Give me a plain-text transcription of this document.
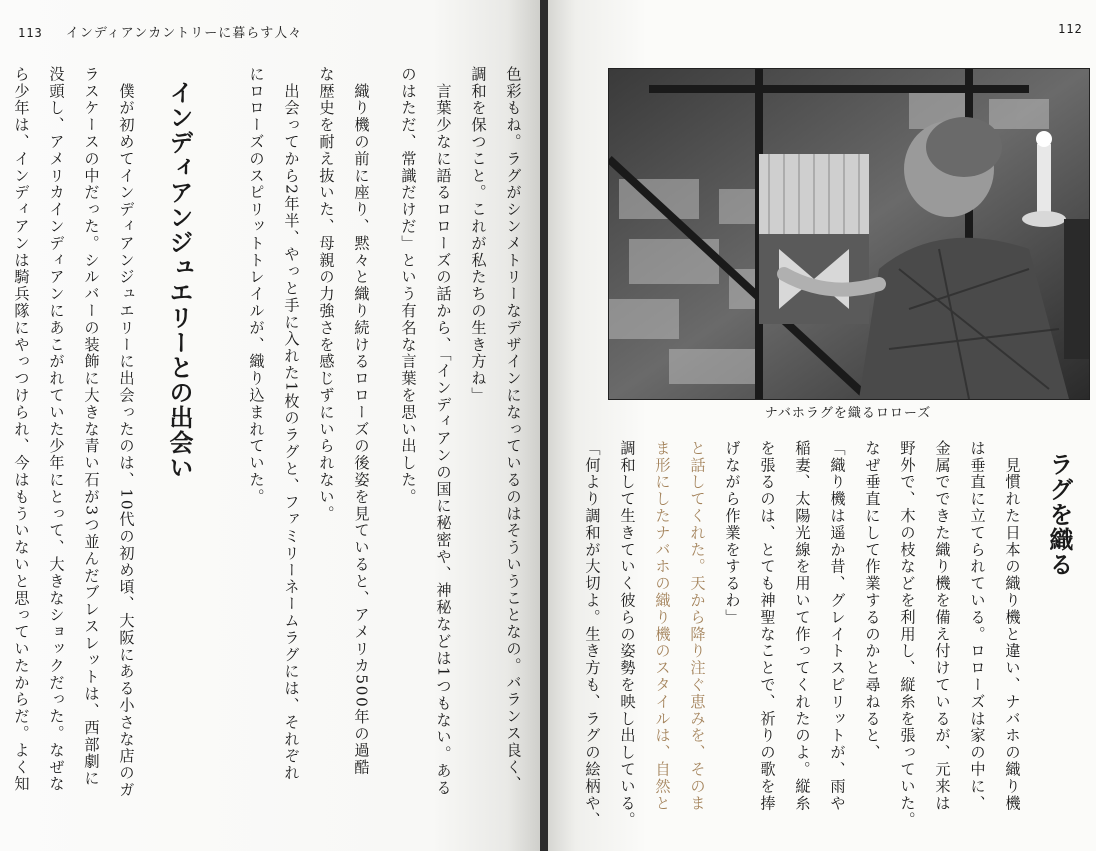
113 インディアンカントリーに暮らす人々
色彩もね。ラグがシンメトリーなデザインになっているのはそういうことなの。バランス良く、
調和を保つこと。これが私たちの生き方ね」
　言葉少なに語るロローズの話から、「インディアンの国に秘密や、神秘などは1つもない。ある
のはただ、常識だけだ」という有名な言葉を思い出した。
　織り機の前に座り、黙々と織り続けるロローズの後姿を見ていると、アメリカ500年の過酷
な歴史を耐え抜いた、母親の力強さを感じずにいられない。
　出会ってから2年半、やっと手に入れた1枚のラグと、ファミリーネームラグには、それぞれ
にロローズのスピリットトレイルが、織り込まれていた。
インディアンジュエリーとの出会い
　僕が初めてインディアンジュエリーに出会ったのは、10代の初め頃、大阪にある小さな店のガ
ラスケースの中だった。シルバーの装飾に大きな青い石が3つ並んだブレスレットは、西部劇に
没頭し、アメリカインディアンにあこがれていた少年にとって、大きなショックだった。なぜな
ら少年は、インディアンは騎兵隊にやっつけられ、今はもういないと思っていたからだ。よく知
112
ナバホラグを織るロローズ
ラグを織る
　見慣れた日本の織り機と違い、ナバホの織り機
は垂直に立てられている。ロローズは家の中に、
金属でできた織り機を備え付けているが、元来は
野外で、木の枝などを利用し、縦糸を張っていた。
なぜ垂直にして作業するのかと尋ねると、
「織り機は遥か昔、グレイトスピリットが、雨や
稲妻、太陽光線を用いて作ってくれたのよ。縦糸
を張るのは、とても神聖なことで、祈りの歌を捧
げながら作業をするわ」
と話してくれた。天から降り注ぐ恵みを、そのま
ま形にしたナバホの織り機のスタイルは、自然と
調和して生きていく彼らの姿勢を映し出している。
「何より調和が大切よ。生き方も、ラグの絵柄や、
